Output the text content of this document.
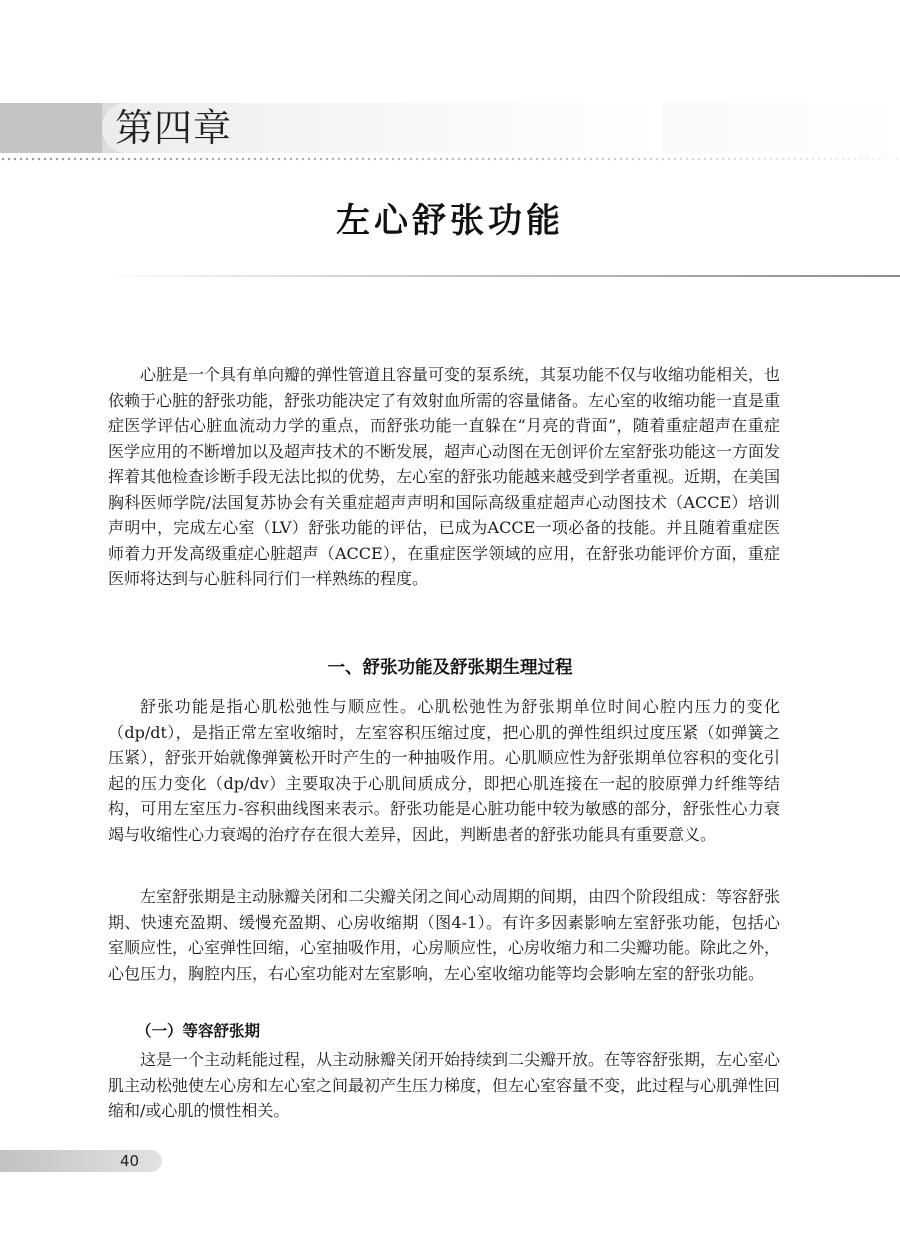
第四章
左心舒张功能

心脏是一个具有单向瓣的弹性管道且容量可变的泵系统，其泵功能不仅与收缩功能相关，也依赖于心脏的舒张功能，舒张功能决定了有效射血所需的容量储备。左心室的收缩功能一直是重症医学评估心脏血流动力学的重点，而舒张功能一直躲在“月亮的背面”，随着重症超声在重症医学应用的不断增加以及超声技术的不断发展，超声心动图在无创评价左室舒张功能这一方面发挥着其他检查诊断手段无法比拟的优势，左心室的舒张功能越来越受到学者重视。近期，在美国胸科医师学院/法国复苏协会有关重症超声声明和国际高级重症超声心动图技术（ACCE）培训声明中，完成左心室（LV）舒张功能的评估，已成为ACCE一项必备的技能。并且随着重症医师着力开发高级重症心脏超声（ACCE），在重症医学领域的应用，在舒张功能评价方面，重症医师将达到与心脏科同行们一样熟练的程度。

一、舒张功能及舒张期生理过程

舒张功能是指心肌松弛性与顺应性。心肌松弛性为舒张期单位时间心腔内压力的变化（dp/dt），是指正常左室收缩时，左室容积压缩过度，把心肌的弹性组织过度压紧（如弹簧之压紧），舒张开始就像弹簧松开时产生的一种抽吸作用。心肌顺应性为舒张期单位容积的变化引起的压力变化（dp/dv）主要取决于心肌间质成分，即把心肌连接在一起的胶原弹力纤维等结构，可用左室压力-容积曲线图来表示。舒张功能是心脏功能中较为敏感的部分，舒张性心力衰竭与收缩性心力衰竭的治疗存在很大差异，因此，判断患者的舒张功能具有重要意义。

左室舒张期是主动脉瓣关闭和二尖瓣关闭之间心动周期的间期，由四个阶段组成：等容舒张期、快速充盈期、缓慢充盈期、心房收缩期（图4-1）。有许多因素影响左室舒张功能，包括心室顺应性，心室弹性回缩，心室抽吸作用，心房顺应性，心房收缩力和二尖瓣功能。除此之外，心包压力，胸腔内压，右心室功能对左室影响，左心室收缩功能等均会影响左室的舒张功能。

（一）等容舒张期

这是一个主动耗能过程，从主动脉瓣关闭开始持续到二尖瓣开放。在等容舒张期，左心室心肌主动松弛使左心房和左心室之间最初产生压力梯度，但左心室容量不变，此过程与心肌弹性回缩和/或心肌的惯性相关。

40
